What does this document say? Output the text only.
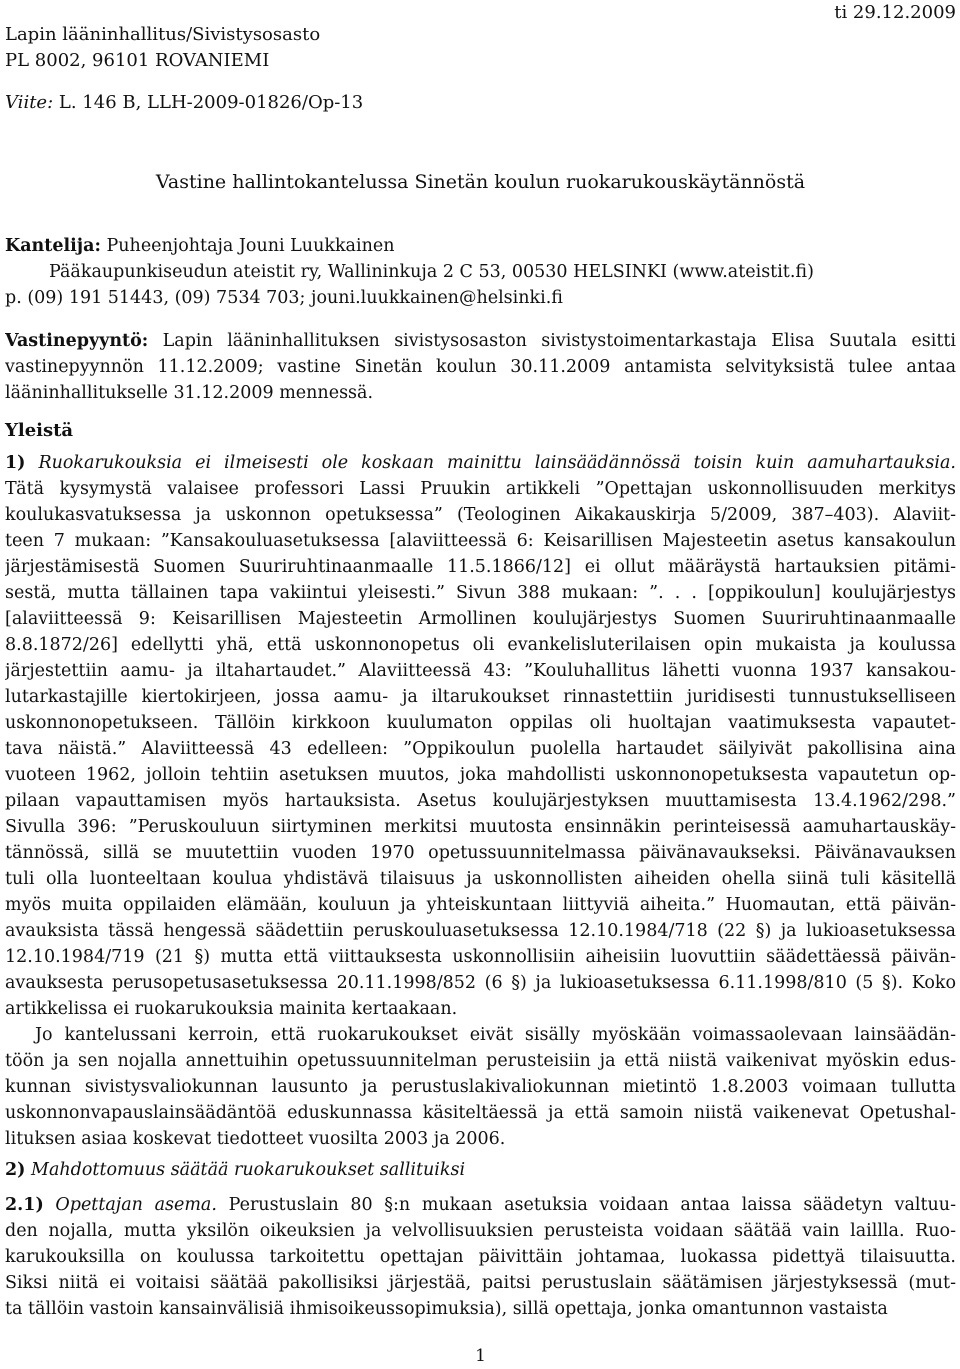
Lapin lääninhallitus/Sivistysosasto
PL 8002, 96101 ROVANIEMI
ti 29.12.2009
Viite: L. 146 B, LLH-2009-01826/Op-13
Vastine hallintokantelussa Sinetän koulun ruokarukouskäytännöstä
Kantelija: Puheenjohtaja Jouni Luukkainen
Pääkaupunkiseudun ateistit ry, Wallininkuja 2 C 53, 00530 HELSINKI (www.ateistit.fi)
p. (09) 191 51443, (09) 7534 703; jouni.luukkainen@helsinki.fi
Vastinepyyntö: Lapin lääninhallituksen sivistysosaston sivistystoimentarkastaja Elisa Suutala esitti
vastinepyynnön 11.12.2009; vastine Sinetän koulun 30.11.2009 antamista selvityksistä tulee antaa
lääninhallitukselle 31.12.2009 mennessä.
Yleistä
1) Ruokarukouksia ei ilmeisesti ole koskaan mainittu lainsäädännössä toisin kuin aamuhartauksia.
Tätä kysymystä valaisee professori Lassi Pruukin artikkeli ”Opettajan uskonnollisuuden merkitys
koulukasvatuksessa ja uskonnon opetuksessa” (Teologinen Aikakauskirja 5/2009, 387–403). Alaviit-
teen 7 mukaan: ”Kansakouluasetuksessa [alaviitteessä 6: Keisarillisen Majesteetin asetus kansakoulun
järjestämisestä Suomen Suuriruhtinaanmaalle 11.5.1866/12] ei ollut määräystä hartauksien pitämi-
sestä, mutta tällainen tapa vakiintui yleisesti.” Sivun 388 mukaan: ”. . . [oppikoulun] koulujärjestys
[alaviitteessä 9: Keisarillisen Majesteetin Armollinen koulujärjestys Suomen Suuriruhtinaanmaalle
8.8.1872/26] edellytti yhä, että uskonnonopetus oli evankelisluterilaisen opin mukaista ja koulussa
järjestettiin aamu- ja iltahartaudet.” Alaviitteessä 43: ”Kouluhallitus lähetti vuonna 1937 kansakou-
lutarkastajille kiertokirjeen, jossa aamu- ja iltarukoukset rinnastettiin juridisesti tunnustukselliseen
uskonnonopetukseen. Tällöin kirkkoon kuulumaton oppilas oli huoltajan vaatimuksesta vapautet-
tava näistä.” Alaviitteessä 43 edelleen: ”Oppikoulun puolella hartaudet säilyivät pakollisina aina
vuoteen 1962, jolloin tehtiin asetuksen muutos, joka mahdollisti uskonnonopetuksesta vapautetun op-
pilaan vapauttamisen myös hartauksista. Asetus koulujärjestyksen muuttamisesta 13.4.1962/298.”
Sivulla 396: ”Peruskouluun siirtyminen merkitsi muutosta ensinnäkin perinteisessä aamuhartauskäy-
tännössä, sillä se muutettiin vuoden 1970 opetussuunnitelmassa päivänavaukseksi. Päivänavauksen
tuli olla luonteeltaan koulua yhdistävä tilaisuus ja uskonnollisten aiheiden ohella siinä tuli käsitellä
myös muita oppilaiden elämään, kouluun ja yhteiskuntaan liittyviä aiheita.” Huomautan, että päivän-
avauksista tässä hengessä säädettiin peruskouluasetuksessa 12.10.1984/718 (22 §) ja lukioasetuksessa
12.10.1984/719 (21 §) mutta että viittauksesta uskonnollisiin aiheisiin luovuttiin säädettäessä päivän-
avauksesta perusopetusasetuksessa 20.11.1998/852 (6 §) ja lukioasetuksessa 6.11.1998/810 (5 §). Koko
artikkelissa ei ruokarukouksia mainita kertaakaan.
Jo kantelussani kerroin, että ruokarukoukset eivät sisälly myöskään voimassaolevaan lainsäädän-
töön ja sen nojalla annettuihin opetussuunnitelman perusteisiin ja että niistä vaikenivat myöskin edus-
kunnan sivistysvaliokunnan lausunto ja perustuslakivaliokunnan mietintö 1.8.2003 voimaan tullutta
uskonnonvapauslainsäädäntöä eduskunnassa käsiteltäessä ja että samoin niistä vaikenevat Opetushal-
lituksen asiaa koskevat tiedotteet vuosilta 2003 ja 2006.
2) Mahdottomuus säätää ruokarukoukset sallituiksi
2.1) Opettajan asema. Perustuslain 80 §:n mukaan asetuksia voidaan antaa laissa säädetyn valtuu-
den nojalla, mutta yksilön oikeuksien ja velvollisuuksien perusteista voidaan säätää vain laillla. Ruo-
karukouksilla on koulussa tarkoitettu opettajan päivittäin johtamaa, luokassa pidettyä tilaisuutta.
Siksi niitä ei voitaisi säätää pakollisiksi järjestää, paitsi perustuslain säätämisen järjestyksessä (mut-
ta tällöin vastoin kansainvälisiä ihmisoikeussopimuksia), sillä opettaja, jonka omantunnon vastaista
1
